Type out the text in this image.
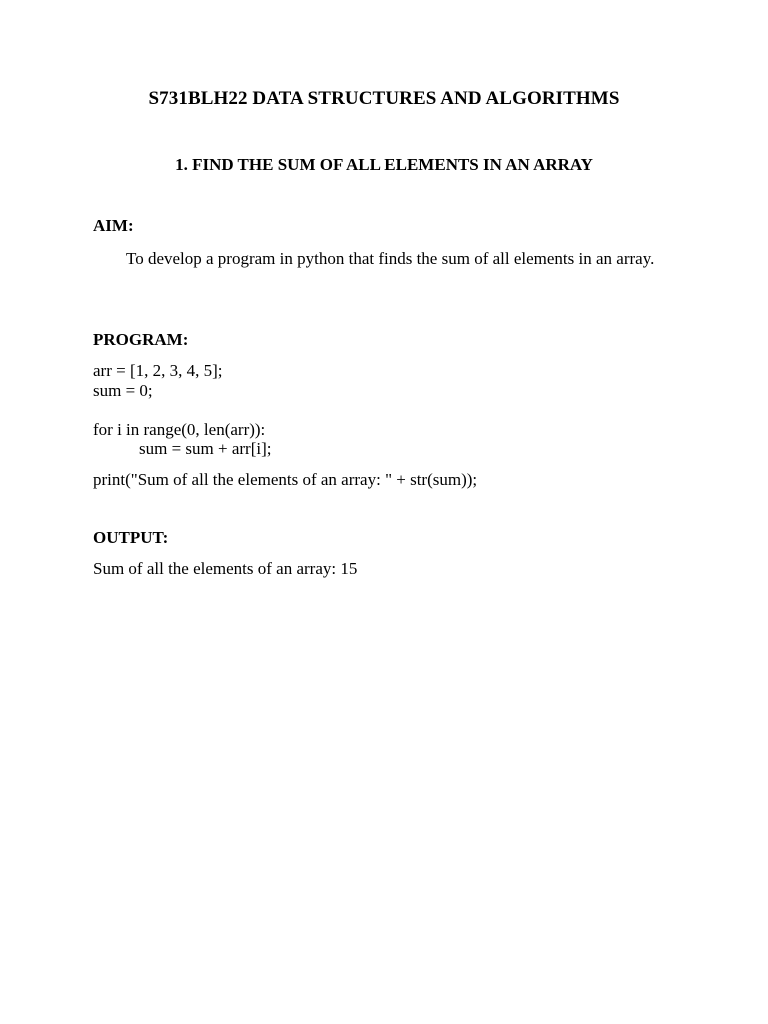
S731BLH22 DATA STRUCTURES AND ALGORITHMS
1. FIND THE SUM OF ALL ELEMENTS IN AN ARRAY
AIM:
To develop a program in python that finds the sum of all elements in an array.
PROGRAM:
arr = [1, 2, 3, 4, 5];
sum = 0;
for i in range(0, len(arr)):
sum = sum + arr[i];
print("Sum of all the elements of an array: " + str(sum));
OUTPUT:
Sum of all the elements of an array: 15
